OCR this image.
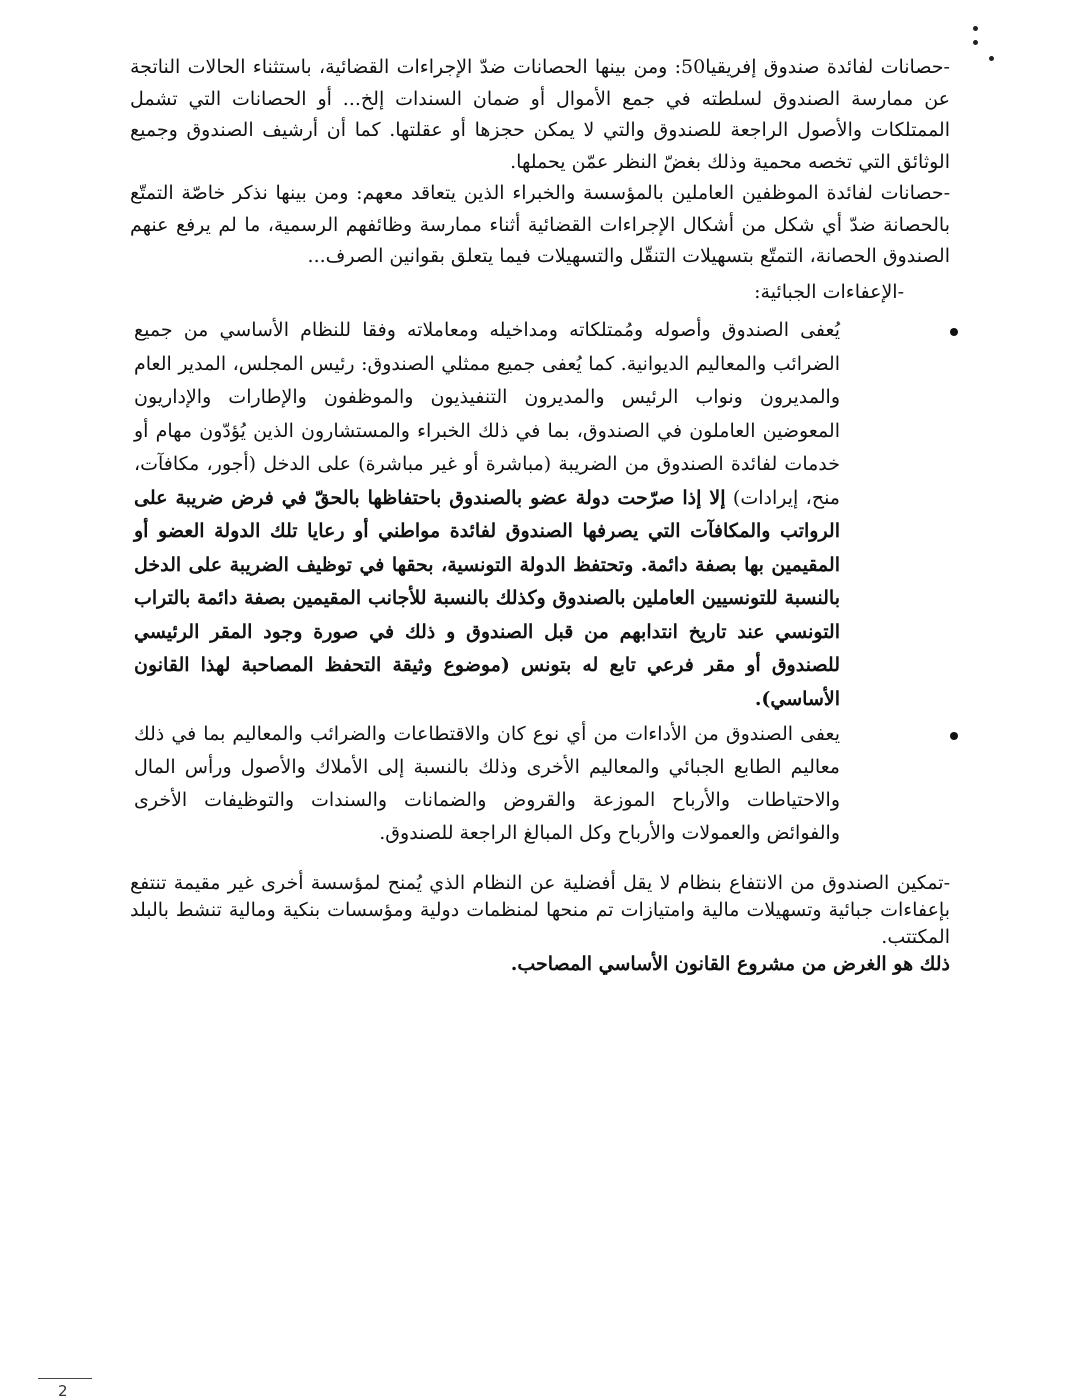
-حصانات لفائدة صندوق إفريقيا50: ومن بينها الحصانات ضدّ الإجراءات القضائية، باستثناء الحالات الناتجة عن ممارسة الصندوق لسلطته في جمع الأموال أو ضمان السندات إلخ... أو الحصانات التي تشمل الممتلكات والأصول الراجعة للصندوق والتي لا يمكن حجزها أو عقلتها. كما أن أرشيف الصندوق وجميع الوثائق التي تخصه محمية وذلك بغضّ النظر عمّن يحملها.

-حصانات لفائدة الموظفين العاملين بالمؤسسة والخبراء الذين يتعاقد معهم: ومن بينها نذكر خاصّة التمتّع بالحصانة ضدّ أي شكل من أشكال الإجراءات القضائية أثناء ممارسة وظائفهم الرسمية، ما لم يرفع عنهم الصندوق الحصانة، التمتّع بتسهيلات التنقّل والتسهيلات فيما يتعلق بقوانين الصرف...

-الإعفاءات الجبائية:

يُعفى الصندوق وأصوله ومُمتلكاته ومداخيله ومعاملاته وفقا للنظام الأساسي من جميع الضرائب والمعاليم الديوانية. كما يُعفى جميع ممثلي الصندوق: رئيس المجلس، المدير العام والمديرون ونواب الرئيس والمديرون التنفيذيون والموظفون والإطارات والإداريون المعوضين العاملون في الصندوق، بما في ذلك الخبراء والمستشارون الذين يُؤدّون مهام أو خدمات لفائدة الصندوق من الضريبة (مباشرة أو غير مباشرة) على الدخل (أجور، مكافآت، منح، إيرادات) إلا إذا صرّحت دولة عضو بالصندوق باحتفاظها بالحقّ في فرض ضريبة على الرواتب والمكافآت التي يصرفها الصندوق لفائدة مواطني أو رعايا تلك الدولة العضو أو المقيمين بها بصفة دائمة. وتحتفظ الدولة التونسية، بحقها في توظيف الضريبة على الدخل بالنسبة للتونسيين العاملين بالصندوق وكذلك بالنسبة للأجانب المقيمين بصفة دائمة بالتراب التونسي عند تاريخ انتدابهم من قبل الصندوق و ذلك في صورة وجود المقر الرئيسي للصندوق أو مقر فرعي تابع له بتونس (موضوع وثيقة التحفظ المصاحبة لهذا القانون الأساسي).
يعفى الصندوق من الأداءات من أي نوع كان والاقتطاعات والضرائب والمعاليم بما في ذلك معاليم الطابع الجبائي والمعاليم الأخرى وذلك بالنسبة إلى الأملاك والأصول ورأس المال والاحتياطات والأرباح الموزعة والقروض والضمانات والسندات والتوظيفات الأخرى والفوائض والعمولات والأرباح وكل المبالغ الراجعة للصندوق.

-تمكين الصندوق من الانتفاع بنظام لا يقل أفضلية عن النظام الذي يُمنح لمؤسسة أخرى غير مقيمة تنتفع بإعفاءات جبائية وتسهيلات مالية وامتيازات تم منحها لمنظمات دولية ومؤسسات بنكية ومالية تنشط بالبلد المكتتب.

ذلك هو الغرض من مشروع القانون الأساسي المصاحب.

2
